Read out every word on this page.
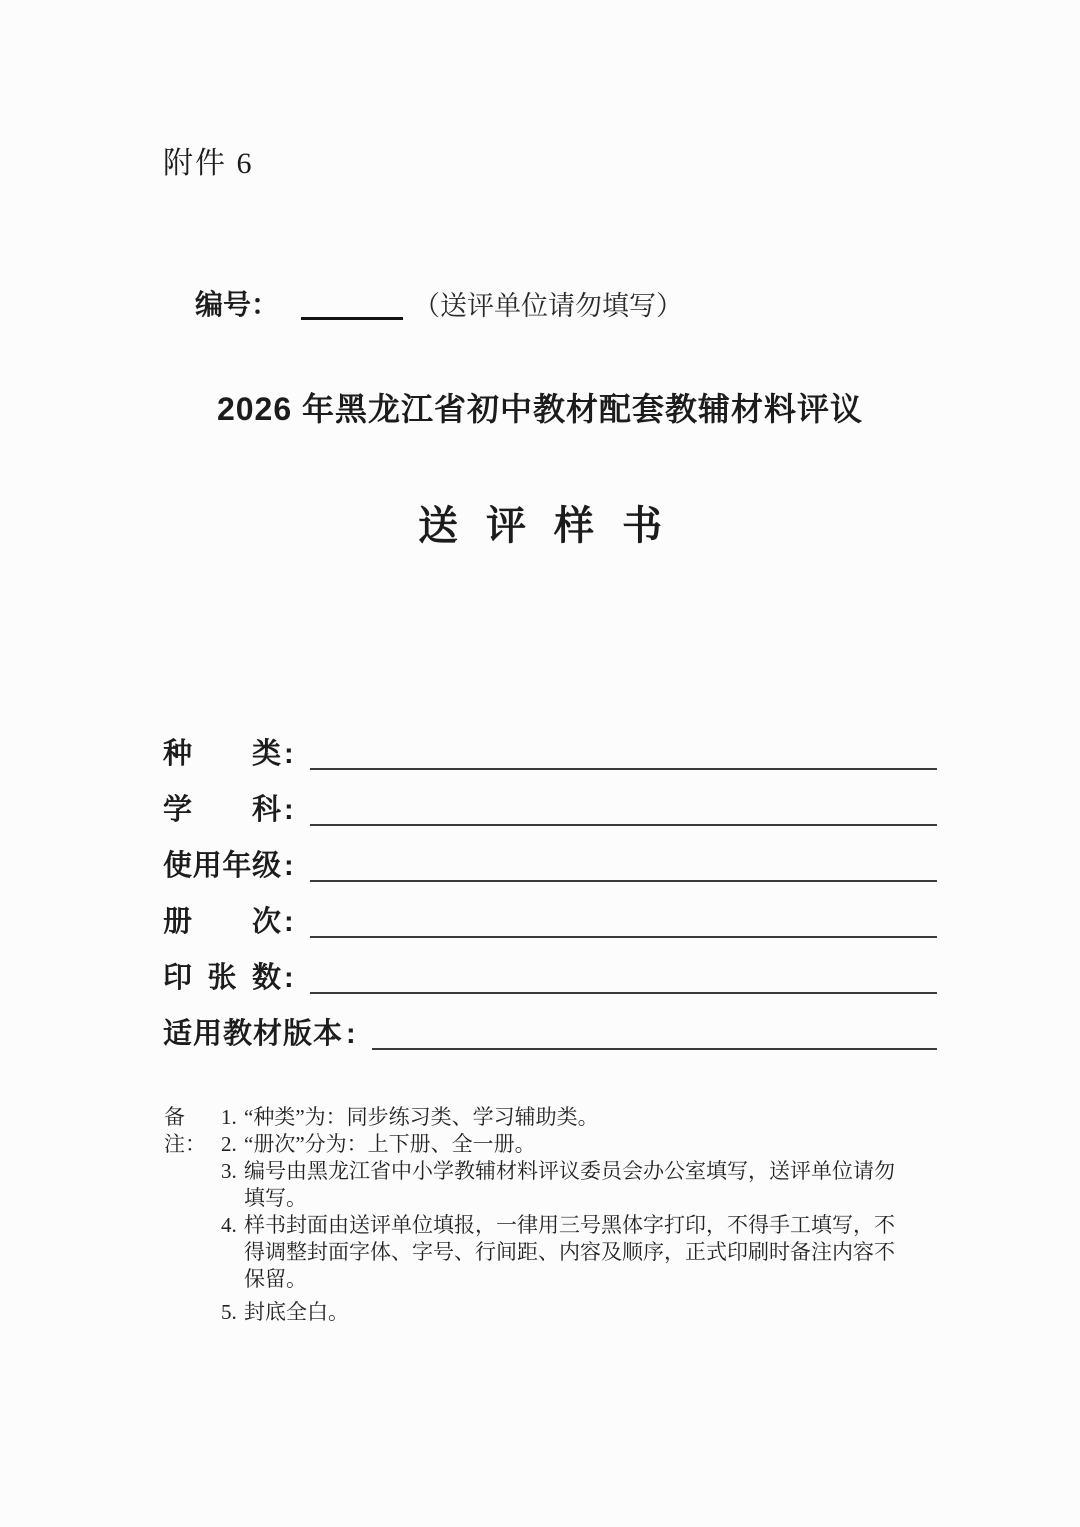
附件 6
编号：	（送评单位请勿填写）
2026 年黑龙江省初中教材配套教辅材料评议
送评样书
种类 :
学科 :
使用年级 :
册次 :
印张数 :
适用教材版本 :
备注：
1. “种类”为：同步练习类、学习辅助类。
2. “册次”分为：上下册、全一册。
3. 编号由黑龙江省中小学教辅材料评议委员会办公室填写，送评单位请勿
填写。
4. 样书封面由送评单位填报，一律用三号黑体字打印，不得手工填写，不
得调整封面字体、字号、行间距、内容及顺序，正式印刷时备注内容不
保留。
5. 封底全白。
